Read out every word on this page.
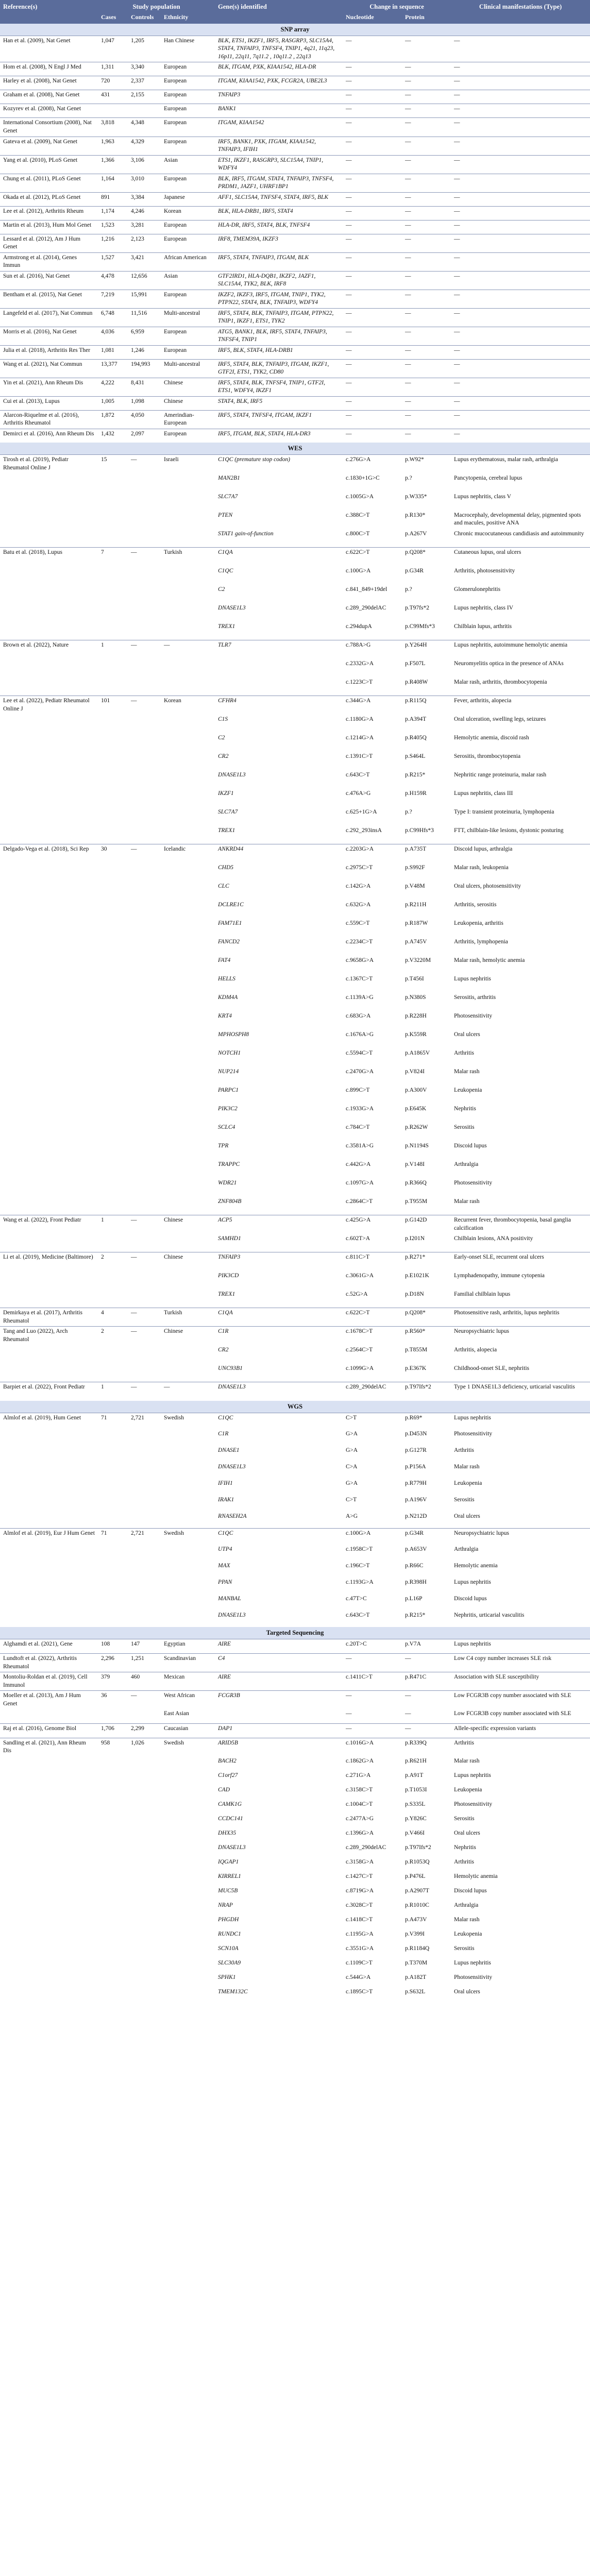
Reference(s)	Study population			Gene(s) identified	Change in sequence		Clinical manifestations (Type)
	Cases	Controls	Ethnicity		Nucleotide	Protein	
SNP array							
Han et al. (2009), Nat Genet	1,047	1,205	Han Chinese	BLK, ETS1, IKZF1, IRF5, RASGRP3, SLC15A4, STAT4, TNFAIP3, TNFSF4, TNIP1, 4q21, 11q23, 16p11, 22q11, 7q11.2 , 10q11.2 , 22q13	—	—	—
Hom et al. (2008), N Engl J Med	1,311	3,340	European	BLK, ITGAM, PXK, KIAA1542, HLA-DR	—	—	—
Harley et al. (2008), Nat Genet	720	2,337	European	ITGAM, KIAA1542, PXK, FCGR2A, UBE2L3	—	—	—
Graham et al. (2008), Nat Genet	431	2,155	European	TNFAIP3	—	—	—
Kozyrev et al. (2008), Nat Genet			European	BANK1	—	—	—
International Consortium (2008), Nat Genet	3,818	4,348	European	ITGAM, KIAA1542	—	—	—
Gateva et al. (2009), Nat Genet	1,963	4,329	European	IRF5, BANK1, PXK, ITGAM, KIAA1542, TNFAIP3, IFIH1	—	—	—
Yang et al. (2010), PLoS Genet	1,366	3,106	Asian	ETS1, IKZF1, RASGRP3, SLC15A4, TNIP1, WDFY4	—	—	—
Chung et al. (2011), PLoS Genet	1,164	3,010	European	BLK, IRF5, ITGAM, STAT4, TNFAIP3, TNFSF4, PRDM1, JAZF1, UHRF1BP1	—	—	—
Okada et al. (2012), PLoS Genet	891	3,384	Japanese	AFF1, SLC15A4, TNFSF4, STAT4, IRF5, BLK	—	—	—
Lee et al. (2012), Arthritis Rheum	1,174	4,246	Korean	BLK, HLA-DRB1, IRF5, STAT4	—	—	—
Martin et al. (2013), Hum Mol Genet	1,523	3,281	European	HLA-DR, IRF5, STAT4, BLK, TNFSF4	—	—	—
Lessard et al. (2012), Am J Hum Genet	1,216	2,123	European	IRF8, TMEM39A, IKZF3	—	—	—
Armstrong et al. (2014), Genes Immun	1,527	3,421	African American	IRF5, STAT4, TNFAIP3, ITGAM, BLK	—	—	—
Sun et al. (2016), Nat Genet	4,478	12,656	Asian	GTF2IRD1, HLA-DQB1, IKZF2, JAZF1, SLC15A4, TYK2, BLK, IRF8	—	—	—
Bentham et al. (2015), Nat Genet	7,219	15,991	European	IKZF2, IKZF3, IRF5, ITGAM, TNIP1, TYK2, PTPN22, STAT4, BLK, TNFAIP3, WDFY4	—	—	—
Langefeld et al. (2017), Nat Commun	6,748	11,516	Multi-ancestral	IRF5, STAT4, BLK, TNFAIP3, ITGAM, PTPN22, TNIP1, IKZF1, ETS1, TYK2	—	—	—
Morris et al. (2016), Nat Genet	4,036	6,959	European	ATG5, BANK1, BLK, IRF5, STAT4, TNFAIP3, TNFSF4, TNIP1	—	—	—
Julia et al. (2018), Arthritis Res Ther	1,081	1,246	European	IRF5, BLK, STAT4, HLA-DRB1	—	—	—
Wang et al. (2021), Nat Commun	13,377	194,993	Multi-ancestral	IRF5, STAT4, BLK, TNFAIP3, ITGAM, IKZF1, GTF2I, ETS1, TYK2, CD80	—	—	—
Yin et al. (2021), Ann Rheum Dis	4,222	8,431	Chinese	IRF5, STAT4, BLK, TNFSF4, TNIP1, GTF2I, ETS1, WDFY4, IKZF1	—	—	—
Cui et al. (2013), Lupus	1,005	1,098	Chinese	STAT4, BLK, IRF5	—	—	—
Alarcon-Riquelme et al. (2016), Arthritis Rheumatol	1,872	4,050	Amerindian-European	IRF5, STAT4, TNFSF4, ITGAM, IKZF1	—	—	—
Demirci et al. (2016), Ann Rheum Dis	1,432	2,097	European	IRF5, ITGAM, BLK, STAT4, HLA-DR3	—	—	—
WES							
Tirosh et al. (2019), Pediatr Rheumatol Online J	15	—	Israeli	C1QC (premature stop codon)	c.276G>A	p.W92*	Lupus erythematosus, malar rash, arthralgia
				MAN2B1	c.1830+1G>C	p.?	Pancytopenia, cerebral lupus
				SLC7A7	c.1005G>A	p.W335*	Lupus nephritis, class V
				PTEN	c.388C>T	p.R130*	Macrocephaly, developmental delay, pigmented spots and macules, positive ANA
				STAT1 gain-of-function	c.800C>T	p.A267V	Chronic mucocutaneous candidiasis and autoimmunity
Batu et al. (2018), Lupus	7	—	Turkish	C1QA	c.622C>T	p.Q208*	Cutaneous lupus, oral ulcers
				C1QC	c.100G>A	p.G34R	Arthritis, photosensitivity
				C2	c.841_849+19del	p.?	Glomerulonephritis
				DNASE1L3	c.289_290delAC	p.T97fs*2	Lupus nephritis, class IV
				TREX1	c.294dupA	p.C99Mfs*3	Chilblain lupus, arthritis
Brown et al. (2022), Nature	1	—	—	TLR7	c.788A>G	p.Y264H	Lupus nephritis, autoimmune hemolytic anemia
					c.2332G>A	p.F507L	Neuromyelitis optica in the presence of ANAs
					c.1223C>T	p.R408W	Malar rash, arthritis, thrombocytopenia
Lee et al. (2022), Pediatr Rheumatol Online J	101	—	Korean	CFHR4	c.344G>A	p.R115Q	Fever, arthritis, alopecia
				C1S	c.1180G>A	p.A394T	Oral ulceration, swelling legs, seizures
				C2	c.1214G>A	p.R405Q	Hemolytic anemia, discoid rash
				CR2	c.1391C>T	p.S464L	Serositis, thrombocytopenia
				DNASE1L3	c.643C>T	p.R215*	Nephritic range proteinuria, malar rash
				IKZF1	c.476A>G	p.H159R	Lupus nephritis, class III
				SLC7A7	c.625+1G>A	p.?	Type I: transient proteinuria, lymphopenia
				TREX1	c.292_293insA	p.C99Hfs*3	FTT, chilblain-like lesions, dystonic posturing
Delgado-Vega et al. (2018), Sci Rep	30	—	Icelandic	ANKRD44	c.2203G>A	p.A735T	Discoid lupus, arthralgia
				CHD5	c.2975C>T	p.S992F	Malar rash, leukopenia
				CLC	c.142G>A	p.V48M	Oral ulcers, photosensitivity
				DCLRE1C	c.632G>A	p.R211H	Arthritis, serositis
				FAM71E1	c.559C>T	p.R187W	Leukopenia, arthritis
				FANCD2	c.2234C>T	p.A745V	Arthritis, lymphopenia
				FAT4	c.9658G>A	p.V3220M	Malar rash, hemolytic anemia
				HELLS	c.1367C>T	p.T456I	Lupus nephritis
				KDM4A	c.1139A>G	p.N380S	Serositis, arthritis
				KRT4	c.683G>A	p.R228H	Photosensitivity
				MPHOSPH8	c.1676A>G	p.K559R	Oral ulcers
				NOTCH1	c.5594C>T	p.A1865V	Arthritis
				NUP214	c.2470G>A	p.V824I	Malar rash
				PARPC1	c.899C>T	p.A300V	Leukopenia
				PIK3C2	c.1933G>A	p.E645K	Nephritis
				SCLC4	c.784C>T	p.R262W	Serositis
				TPR	c.3581A>G	p.N1194S	Discoid lupus
				TRAPPC	c.442G>A	p.V148I	Arthralgia
				WDR21	c.1097G>A	p.R366Q	Photosensitivity
				ZNF804B	c.2864C>T	p.T955M	Malar rash
Wang et al. (2022), Front Pediatr	1	—	Chinese	ACP5	c.425G>A	p.G142D	Recurrent fever, thrombocytopenia, basal ganglia calcification
				SAMHD1	c.602T>A	p.I201N	Chilblain lesions, ANA positivity
Li et al. (2019), Medicine (Baltimore)	2	—	Chinese	TNFAIP3	c.811C>T	p.R271*	Early-onset SLE, recurrent oral ulcers
				PIK3CD	c.3061G>A	p.E1021K	Lymphadenopathy, immune cytopenia
				TREX1	c.52G>A	p.D18N	Familial chilblain lupus
Demirkaya et al. (2017), Arthritis Rheumatol	4	—	Turkish	C1QA	c.622C>T	p.Q208*	Photosensitive rash, arthritis, lupus nephritis
Tang and Luo (2022), Arch Rheumatol	2	—	Chinese	C1R	c.1678C>T	p.R560*	Neuropsychiatric lupus
				CR2	c.2564C>T	p.T855M	Arthritis, alopecia
				UNC93B1	c.1099G>A	p.E367K	Childhood-onset SLE, nephritis
Barpiet et al. (2022), Front Pediatr	1	—	—	DNASE1L3	c.289_290delAC	p.T97Ifs*2	Type 1 DNASE1L3 deficiency, urticarial vasculitis
WGS							
Almlof et al. (2019), Hum Genet	71	2,721	Swedish	C1QC	C>T	p.R69*	Lupus nephritis
				C1R	G>A	p.D453N	Photosensitivity
				DNASE1	G>A	p.G127R	Arthritis
				DNASE1L3	C>A	p.P156A	Malar rash
				IFIH1	G>A	p.R779H	Leukopenia
				IRAK1	C>T	p.A196V	Serositis
				RNASEH2A	A>G	p.N212D	Oral ulcers
Almlof et al. (2019), Eur J Hum Genet	71	2,721	Swedish	C1QC	c.100G>A	p.G34R	Neuropsychiatric lupus
				UTP4	c.1958C>T	p.A653V	Arthralgia
				MAX	c.196C>T	p.R66C	Hemolytic anemia
				PPAN	c.1193G>A	p.R398H	Lupus nephritis
				MANBAL	c.47T>C	p.L16P	Discoid lupus
				DNASE1L3	c.643C>T	p.R215*	Nephritis, urticarial vasculitis
Targeted Sequencing							
Alghamdi et al. (2021), Gene	108	147	Egyptian	AIRE	c.20T>C	p.V7A	Lupus nephritis
Lundtoft et al. (2022), Arthritis Rheumatol	2,296	1,251	Scandinavian	C4	—	—	Low C4 copy number increases SLE risk
Montoliu-Roldan et al. (2019), Cell Immunol	379	460	Mexican	AIRE	c.1411C>T	p.R471C	Association with SLE susceptibility
Moeller et al. (2013), Am J Hum Genet	36	—	West African	FCGR3B	—	—	Low FCGR3B copy number associated with SLE
			East Asian		—	—	Low FCGR3B copy number associated with SLE
Raj et al. (2016), Genome Biol	1,706	2,299	Caucasian	DAP1	—	—	Allele-specific expression variants
Sandling et al. (2021), Ann Rheum Dis	958	1,026	Swedish	ARID5B	c.1016G>A	p.R339Q	Arthritis
				BACH2	c.1862G>A	p.R621H	Malar rash
				C1orf27	c.271G>A	p.A91T	Lupus nephritis
				CAD	c.3158C>T	p.T1053I	Leukopenia
				CAMK1G	c.1004C>T	p.S335L	Photosensitivity
				CCDC141	c.2477A>G	p.Y826C	Serositis
				DHX35	c.1396G>A	p.V466I	Oral ulcers
				DNASE1L3	c.289_290delAC	p.T97Ifs*2	Nephritis
				IQGAP1	c.3158G>A	p.R1053Q	Arthritis
				KIRREL1	c.1427C>T	p.P476L	Hemolytic anemia
				MUC5B	c.8719G>A	p.A2907T	Discoid lupus
				NRAP	c.3028C>T	p.R1010C	Arthralgia
				PHGDH	c.1418C>T	p.A473V	Malar rash
				RUNDC1	c.1195G>A	p.V399I	Leukopenia
				SCN10A	c.3551G>A	p.R1184Q	Serositis
				SLC30A9	c.1109C>T	p.T370M	Lupus nephritis
				SPHK1	c.544G>A	p.A182T	Photosensitivity
				TMEM132C	c.1895C>T	p.S632L	Oral ulcers
